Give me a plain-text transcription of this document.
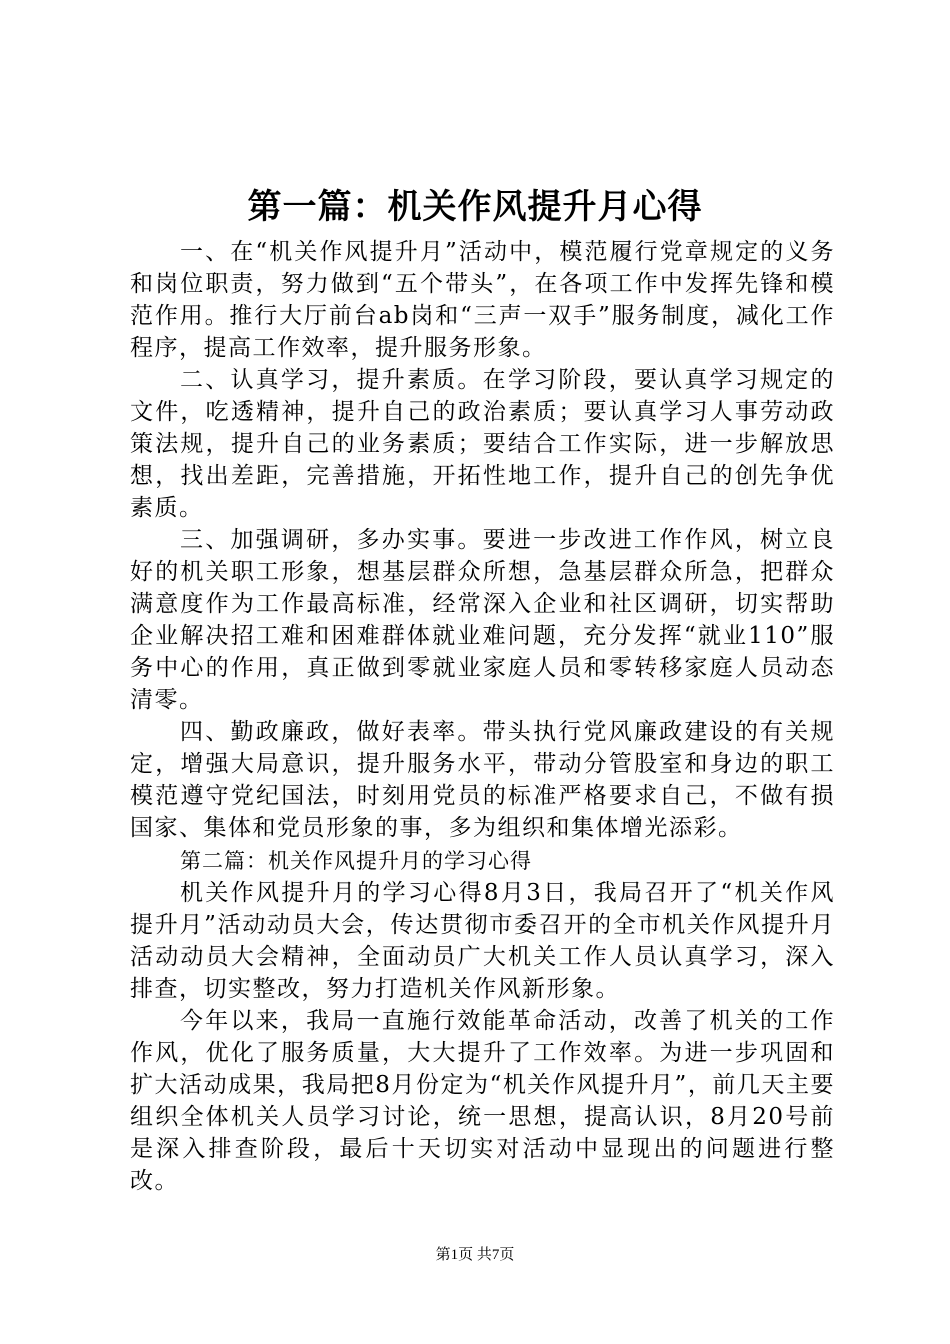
第一篇：机关作风提升月心得

一、在“机关作风提升月”活动中，模范履行党章规定的义务和岗位职责，努力做到“五个带头”，在各项工作中发挥先锋和模范作用。推行大厅前台ab岗和“三声一双手”服务制度，减化工作程序，提高工作效率，提升服务形象。

二、认真学习，提升素质。在学习阶段，要认真学习规定的文件，吃透精神，提升自己的政治素质；要认真学习人事劳动政策法规，提升自己的业务素质；要结合工作实际，进一步解放思想，找出差距，完善措施，开拓性地工作，提升自己的创先争优素质。

三、加强调研，多办实事。要进一步改进工作作风，树立良好的机关职工形象，想基层群众所想，急基层群众所急，把群众满意度作为工作最高标准，经常深入企业和社区调研，切实帮助企业解决招工难和困难群体就业难问题，充分发挥“就业110”服务中心的作用，真正做到零就业家庭人员和零转移家庭人员动态清零。

四、勤政廉政，做好表率。带头执行党风廉政建设的有关规定，增强大局意识，提升服务水平，带动分管股室和身边的职工模范遵守党纪国法，时刻用党员的标准严格要求自己，不做有损国家、集体和党员形象的事，多为组织和集体增光添彩。

第二篇：机关作风提升月的学习心得

机关作风提升月的学习心得8月3日，我局召开了“机关作风提升月”活动动员大会，传达贯彻市委召开的全市机关作风提升月活动动员大会精神，全面动员广大机关工作人员认真学习，深入排查，切实整改，努力打造机关作风新形象。

今年以来，我局一直施行效能革命活动，改善了机关的工作作风，优化了服务质量，大大提升了工作效率。为进一步巩固和扩大活动成果，我局把8月份定为“机关作风提升月”，前几天主要组织全体机关人员学习讨论，统一思想，提高认识，8月20号前是深入排查阶段，最后十天切实对活动中显现出的问题进行整改。

第1页 共7页
